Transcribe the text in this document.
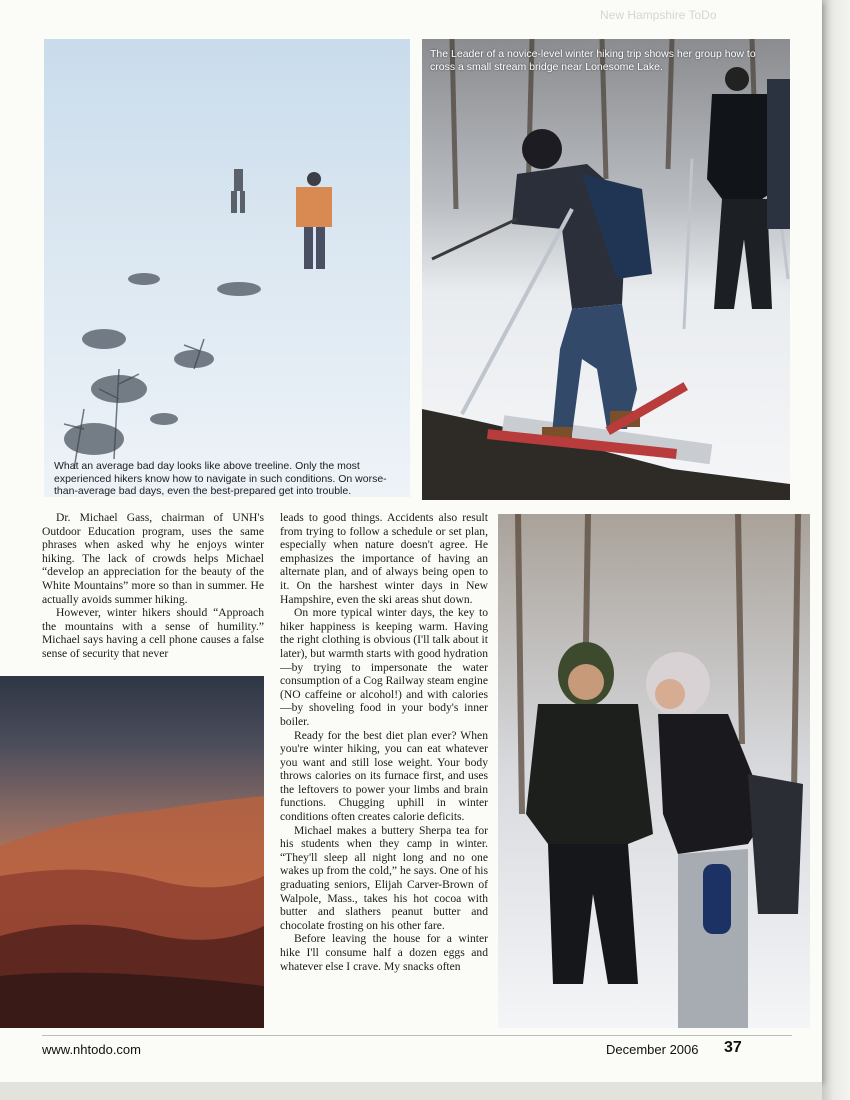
What an average bad day looks like above treeline. Only the most experienced hikers know how to navigate in such conditions. On worse-than-average bad days, even the best-prepared get into trouble.
The Leader of a novice-level winter hiking trip shows her group how to cross a small stream bridge near Lonesome Lake.

Dr. Michael Gass, chairman of UNH's Outdoor Education program, uses the same phrases when asked why he enjoys winter hiking. The lack of crowds helps Michael “develop an appreciation for the beauty of the White Mountains” more so than in summer. He actually avoids summer hiking.

However, winter hikers should “Approach the mountains with a sense of humility.” Michael says having a cell phone causes a false sense of security that never

leads to good things. Accidents also result from trying to follow a schedule or set plan, especially when nature doesn't agree. He emphasizes the importance of having an alternate plan, and of always being open to it. On the harshest winter days in New Hampshire, even the ski areas shut down.

On more typical winter days, the key to hiker happiness is keeping warm. Having the right clothing is obvious (I'll talk about it later), but warmth starts with good hydration—by trying to impersonate the water consumption of a Cog Railway steam engine (NO caffeine or alcohol!) and with calories—by shoveling food in your body's inner boiler.

Ready for the best diet plan ever? When you're winter hiking, you can eat whatever you want and still lose weight. Your body throws calories on its furnace first, and uses the leftovers to power your limbs and brain functions. Chugging uphill in winter conditions often creates calorie deficits.

Michael makes a buttery Sherpa tea for his students when they camp in winter. “They'll sleep all night long and no one wakes up from the cold,” he says. One of his graduating seniors, Elijah Carver-Brown of Walpole, Mass., takes his hot cocoa with butter and slathers peanut butter and chocolate frosting on his other fare.

Before leaving the house for a winter hike I'll consume half a dozen eggs and whatever else I crave. My snacks often

www.nhtodo.com	December 2006 37
New Hampshire ToDo
